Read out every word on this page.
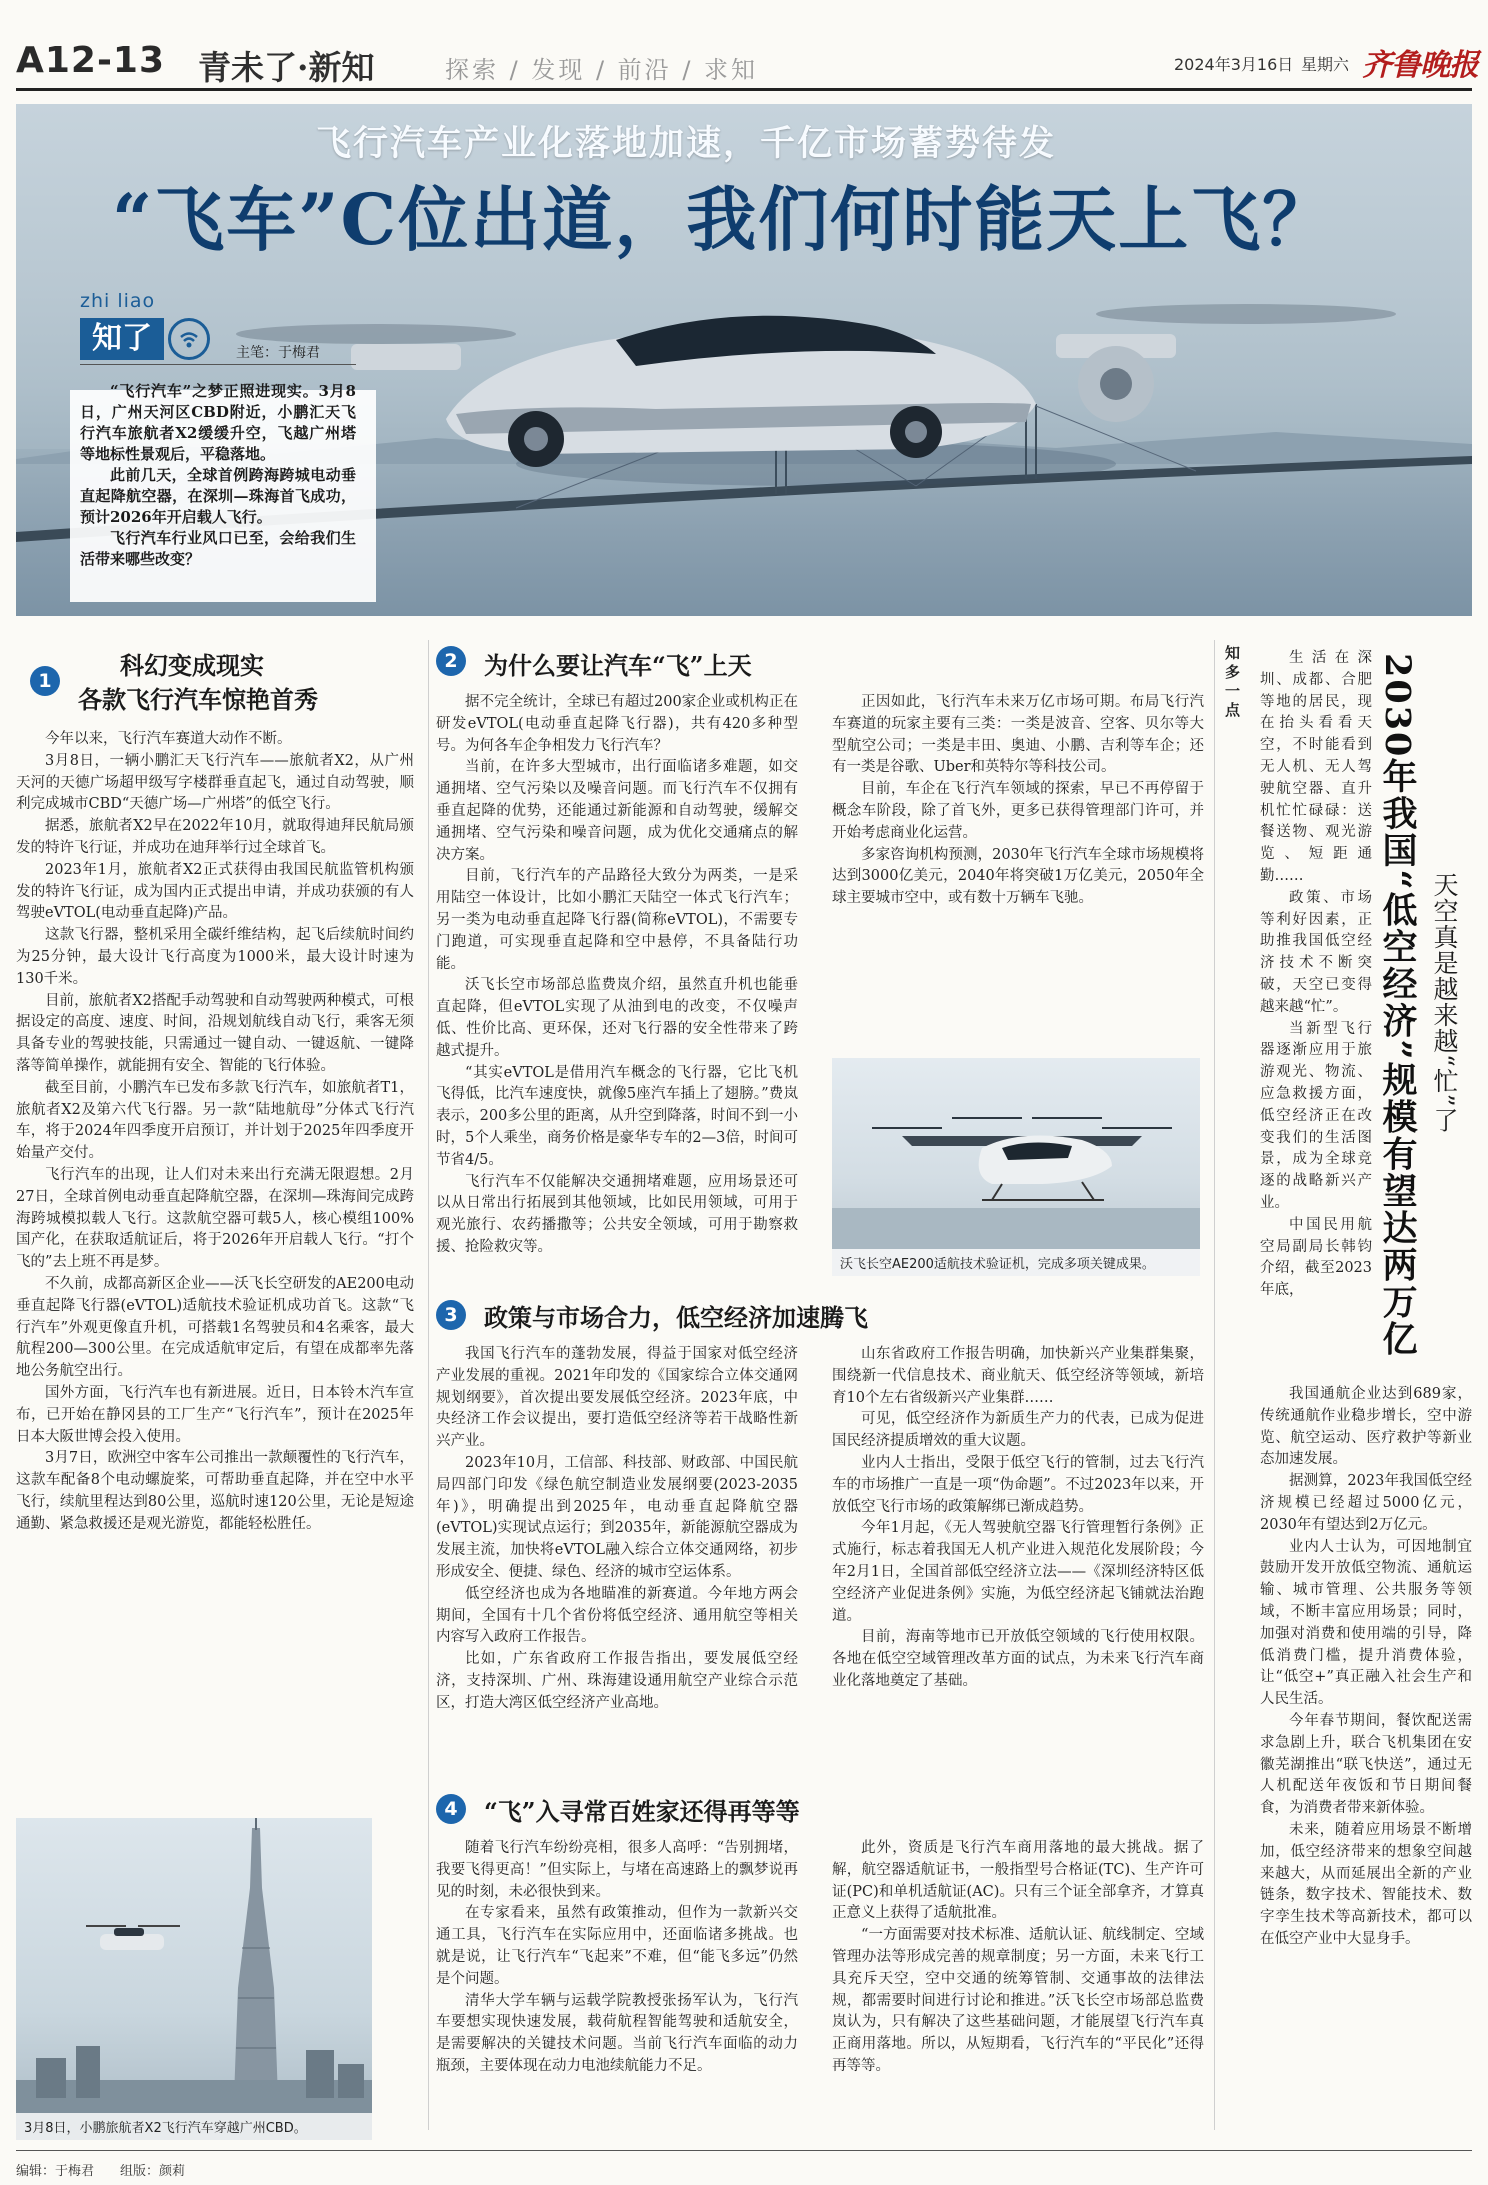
A12-13 青未了·新知	探索 / 发现 / 前沿 / 求知	2024年3月16日 星期六 齐鲁晚报
飞行汽车产业化落地加速，千亿市场蓄势待发
“飞车”C位出道，我们何时能天上飞？
zhi liao
知了	主笔：于梅君

“飞行汽车”之梦正照进现实。3月8日，广州天河区CBD附近，小鹏汇天飞行汽车旅航者X2缓缓升空，飞越广州塔等地标性景观后，平稳落地。

此前几天，全球首例跨海跨城电动垂直起降航空器，在深圳—珠海首飞成功，预计2026年开启载人飞行。

飞行汽车行业风口已至，会给我们生活带来哪些改变？

1
科幻变成现实
各款飞行汽车惊艳首秀

今年以来，飞行汽车赛道大动作不断。

3月8日，一辆小鹏汇天飞行汽车——旅航者X2，从广州天河的天德广场超甲级写字楼群垂直起飞，通过自动驾驶，顺利完成城市CBD“天德广场—广州塔”的低空飞行。

据悉，旅航者X2早在2022年10月，就取得迪拜民航局颁发的特许飞行证，并成功在迪拜举行过全球首飞。

2023年1月，旅航者X2正式获得由我国民航监管机构颁发的特许飞行证，成为国内正式提出申请，并成功获颁的有人驾驶eVTOL(电动垂直起降)产品。

这款飞行器，整机采用全碳纤维结构，起飞后续航时间约为25分钟，最大设计飞行高度为1000米，最大设计时速为130千米。

目前，旅航者X2搭配手动驾驶和自动驾驶两种模式，可根据设定的高度、速度、时间，沿规划航线自动飞行，乘客无须具备专业的驾驶技能，只需通过一键自动、一键返航、一键降落等简单操作，就能拥有安全、智能的飞行体验。

截至目前，小鹏汽车已发布多款飞行汽车，如旅航者T1，旅航者X2及第六代飞行器。另一款“陆地航母”分体式飞行汽车，将于2024年四季度开启预订，并计划于2025年四季度开始量产交付。

飞行汽车的出现，让人们对未来出行充满无限遐想。2月27日，全球首例电动垂直起降航空器，在深圳—珠海间完成跨海跨城模拟载人飞行。这款航空器可载5人，核心模组100%国产化，在获取适航证后，将于2026年开启载人飞行。“打个飞的”去上班不再是梦。

不久前，成都高新区企业——沃飞长空研发的AE200电动垂直起降飞行器(eVTOL)适航技术验证机成功首飞。这款“飞行汽车”外观更像直升机，可搭载1名驾驶员和4名乘客，最大航程200—300公里。在完成适航审定后，有望在成都率先落地公务航空出行。

国外方面，飞行汽车也有新进展。近日，日本铃木汽车宣布，已开始在静冈县的工厂生产“飞行汽车”，预计在2025年日本大阪世博会投入使用。

3月7日，欧洲空中客车公司推出一款颠覆性的飞行汽车，这款车配备8个电动螺旋桨，可帮助垂直起降，并在空中水平飞行，续航里程达到80公里，巡航时速120公里，无论是短途通勤、紧急救援还是观光游览，都能轻松胜任。

3月8日，小鹏旅航者X2飞行汽车穿越广州CBD。
2	为什么要让汽车“飞”上天

据不完全统计，全球已有超过200家企业或机构正在研发eVTOL(电动垂直起降飞行器)，共有420多种型号。为何各车企争相发力飞行汽车？

当前，在许多大型城市，出行面临诸多难题，如交通拥堵、空气污染以及噪音问题。而飞行汽车不仅拥有垂直起降的优势，还能通过新能源和自动驾驶，缓解交通拥堵、空气污染和噪音问题，成为优化交通痛点的解决方案。

目前，飞行汽车的产品路径大致分为两类，一是采用陆空一体设计，比如小鹏汇天陆空一体式飞行汽车；另一类为电动垂直起降飞行器(简称eVTOL)，不需要专门跑道，可实现垂直起降和空中悬停，不具备陆行功能。

沃飞长空市场部总监费岚介绍，虽然直升机也能垂直起降，但eVTOL实现了从油到电的改变，不仅噪声低、性价比高、更环保，还对飞行器的安全性带来了跨越式提升。

“其实eVTOL是借用汽车概念的飞行器，它比飞机飞得低，比汽车速度快，就像5座汽车插上了翅膀。”费岚表示，200多公里的距离，从升空到降落，时间不到一小时，5个人乘坐，商务价格是豪华专车的2—3倍，时间可节省4/5。

飞行汽车不仅能解决交通拥堵难题，应用场景还可以从日常出行拓展到其他领域，比如民用领域，可用于观光旅行、农药播撒等；公共安全领域，可用于勘察救援、抢险救灾等。

正因如此，飞行汽车未来万亿市场可期。布局飞行汽车赛道的玩家主要有三类：一类是波音、空客、贝尔等大型航空公司；一类是丰田、奥迪、小鹏、吉利等车企；还有一类是谷歌、Uber和英特尔等科技公司。

目前，车企在飞行汽车领域的探索，早已不再停留于概念车阶段，除了首飞外，更多已获得管理部门许可，并开始考虑商业化运营。

多家咨询机构预测，2030年飞行汽车全球市场规模将达到3000亿美元，2040年将突破1万亿美元，2050年全球主要城市空中，或有数十万辆车飞驰。

沃飞长空AE200适航技术验证机，完成多项关键成果。
3	政策与市场合力，低空经济加速腾飞

我国飞行汽车的蓬勃发展，得益于国家对低空经济产业发展的重视。2021年印发的《国家综合立体交通网规划纲要》，首次提出要发展低空经济。2023年底，中央经济工作会议提出，要打造低空经济等若干战略性新兴产业。

2023年10月，工信部、科技部、财政部、中国民航局四部门印发《绿色航空制造业发展纲要(2023-2035年)》，明确提出到2025年，电动垂直起降航空器(eVTOL)实现试点运行；到2035年，新能源航空器成为发展主流，加快将eVTOL融入综合立体交通网络，初步形成安全、便捷、绿色、经济的城市空运体系。

低空经济也成为各地瞄准的新赛道。今年地方两会期间，全国有十几个省份将低空经济、通用航空等相关内容写入政府工作报告。

比如，广东省政府工作报告指出，要发展低空经济，支持深圳、广州、珠海建设通用航空产业综合示范区，打造大湾区低空经济产业高地。

山东省政府工作报告明确，加快新兴产业集群集聚，围绕新一代信息技术、商业航天、低空经济等领域，新培育10个左右省级新兴产业集群……

可见，低空经济作为新质生产力的代表，已成为促进国民经济提质增效的重大议题。

业内人士指出，受限于低空飞行的管制，过去飞行汽车的市场推广一直是一项“伪命题”。不过2023年以来，开放低空飞行市场的政策解绑已渐成趋势。

今年1月起，《无人驾驶航空器飞行管理暂行条例》正式施行，标志着我国无人机产业进入规范化发展阶段；今年2月1日，全国首部低空经济立法——《深圳经济特区低空经济产业促进条例》实施，为低空经济起飞铺就法治跑道。

目前，海南等地市已开放低空领域的飞行使用权限。各地在低空空域管理改革方面的试点，为未来飞行汽车商业化落地奠定了基础。

4	“飞”入寻常百姓家还得再等等

随着飞行汽车纷纷亮相，很多人高呼：“告别拥堵，我要飞得更高！”但实际上，与堵在高速路上的飘梦说再见的时刻，未必很快到来。

在专家看来，虽然有政策推动，但作为一款新兴交通工具，飞行汽车在实际应用中，还面临诸多挑战。也就是说，让飞行汽车“飞起来”不难，但“能飞多远”仍然是个问题。

清华大学车辆与运载学院教授张扬军认为，飞行汽车要想实现快速发展，载荷航程智能驾驶和适航安全，是需要解决的关键技术问题。当前飞行汽车面临的动力瓶颈，主要体现在动力电池续航能力不足。

此外，资质是飞行汽车商用落地的最大挑战。据了解，航空器适航证书，一般指型号合格证(TC)、生产许可证(PC)和单机适航证(AC)。只有三个证全部拿齐，才算真正意义上获得了适航批准。

“一方面需要对技术标准、适航认证、航线制定、空域管理办法等形成完善的规章制度；另一方面，未来飞行工具充斥天空，空中交通的统筹管制、交通事故的法律法规，都需要时间进行讨论和推进。”沃飞长空市场部总监费岚认为，只有解决了这些基础问题，才能展望飞行汽车真正商用落地。所以，从短期看，飞行汽车的“平民化”还得再等等。

知多一点	2030年我国“低空经济”规模有望达两万亿 天空真是越来越“忙”了

生活在深圳、成都、合肥等地的居民，现在抬头看看天空，不时能看到无人机、无人驾驶航空器、直升机忙忙碌碌：送餐送物、观光游览、短距通勤……

政策、市场等利好因素，正助推我国低空经济技术不断突破，天空已变得越来越“忙”。

当新型飞行器逐渐应用于旅游观光、物流、应急救援方面，低空经济正在改变我们的生活图景，成为全球竞逐的战略新兴产业。

中国民用航空局副局长韩钧介绍，截至2023年底，

我国通航企业达到689家，传统通航作业稳步增长，空中游览、航空运动、医疗救护等新业态加速发展。

据测算，2023年我国低空经济规模已经超过5000亿元，2030年有望达到2万亿元。

业内人士认为，可因地制宜鼓励开发开放低空物流、通航运输、城市管理、公共服务等领域，不断丰富应用场景；同时，加强对消费和使用端的引导，降低消费门槛，提升消费体验，让“低空+”真正融入社会生产和人民生活。

今年春节期间，餐饮配送需求急剧上升，联合飞机集团在安徽芜湖推出“联飞快送”，通过无人机配送年夜饭和节日期间餐食，为消费者带来新体验。

未来，随着应用场景不断增加，低空经济带来的想象空间越来越大，从而延展出全新的产业链条，数字技术、智能技术、数字孪生技术等高新技术，都可以在低空产业中大显身手。

编辑：于梅君 组版：颜莉
